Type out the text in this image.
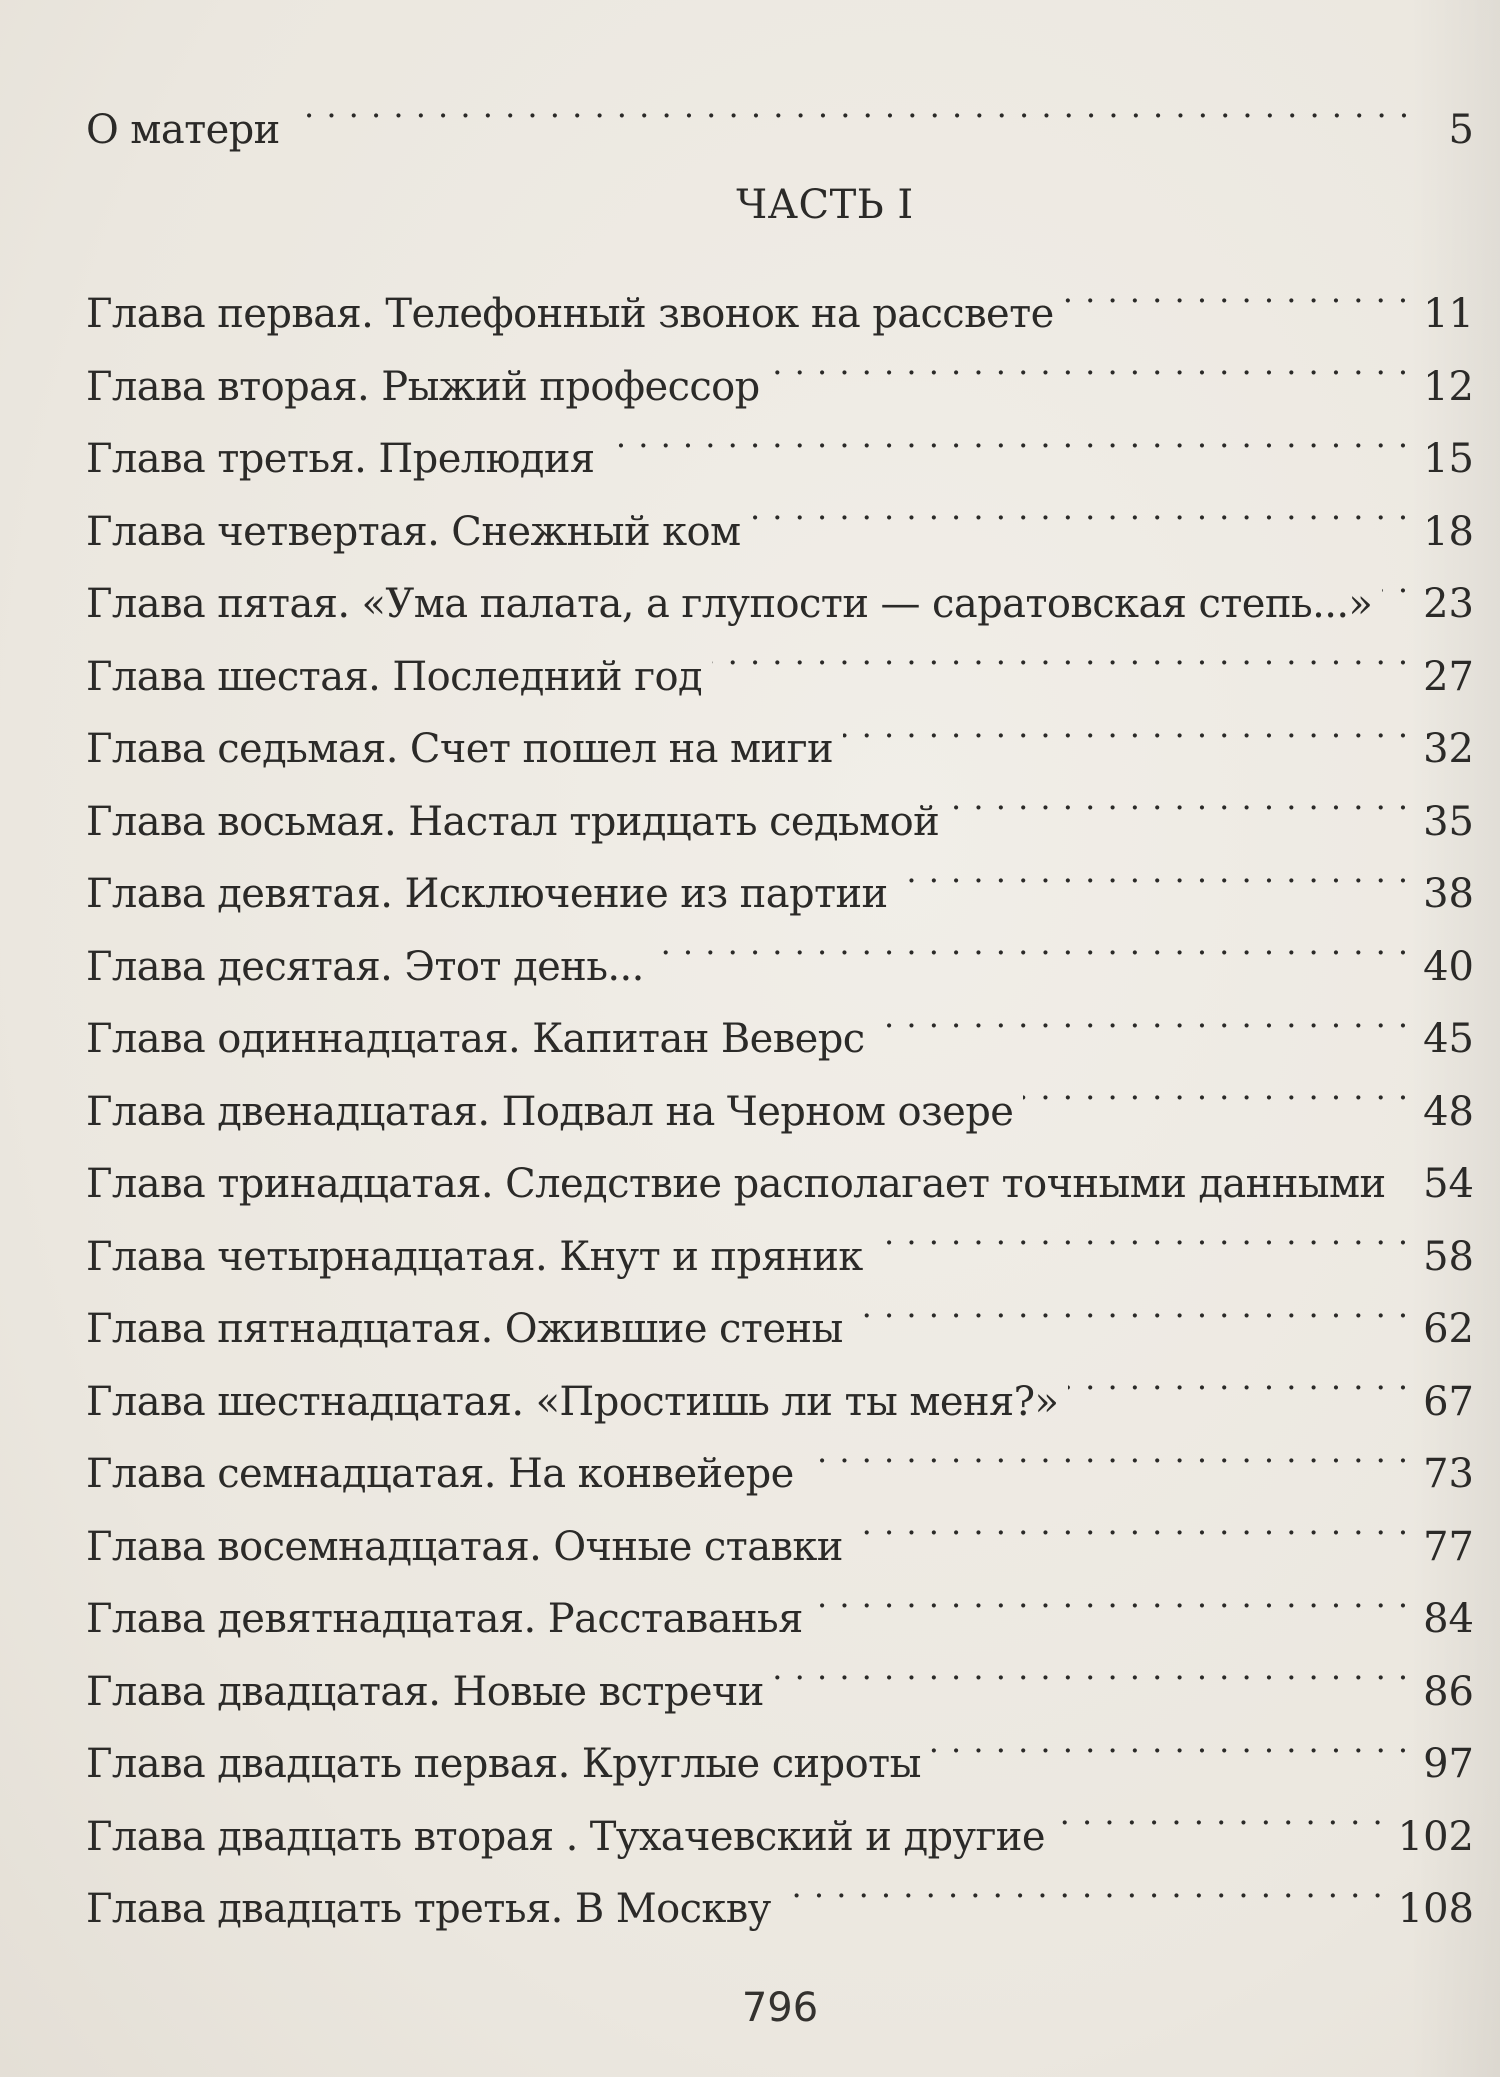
О матери . . .	5
ЧАСТЬ I
Глава первая. Телефонный звонок на рассвете . . .	11
Глава вторая. Рыжий профессор . . .	12
Глава третья. Прелюдия . . .	15
Глава четвертая. Снежный ком . . .	18
Глава пятая. «Ума палата, а глупости — саратовская степь...» . . . 23
Глава шестая. Последний год . . .	27
Глава седьмая. Счет пошел на миги . . .	32
Глава восьмая. Настал тридцать седьмой . . .	35
Глава девятая. Исключение из партии . . .	38
Глава десятая. Этот день... . . .	40
Глава одиннадцатая. Капитан Веверс . . .	45
Глава двенадцатая. Подвал на Черном озере . . .	48
Глава тринадцатая. Следствие располагает точными данными 54
Глава четырнадцатая. Кнут и пряник . . .	58
Глава пятнадцатая. Ожившие стены . . .	62
Глава шестнадцатая. «Простишь ли ты меня?» . . .	67
Глава семнадцатая. На конвейере . . .	73
Глава восемнадцатая. Очные ставки . . .	77
Глава девятнадцатая. Расставанья . . .	84
Глава двадцатая. Новые встречи . . .	86
Глава двадцать первая. Круглые сироты . . .	97
Глава двадцать вторая . Тухачевский и другие . . .	102
Глава двадцать третья. В Москву . . .	108
796
